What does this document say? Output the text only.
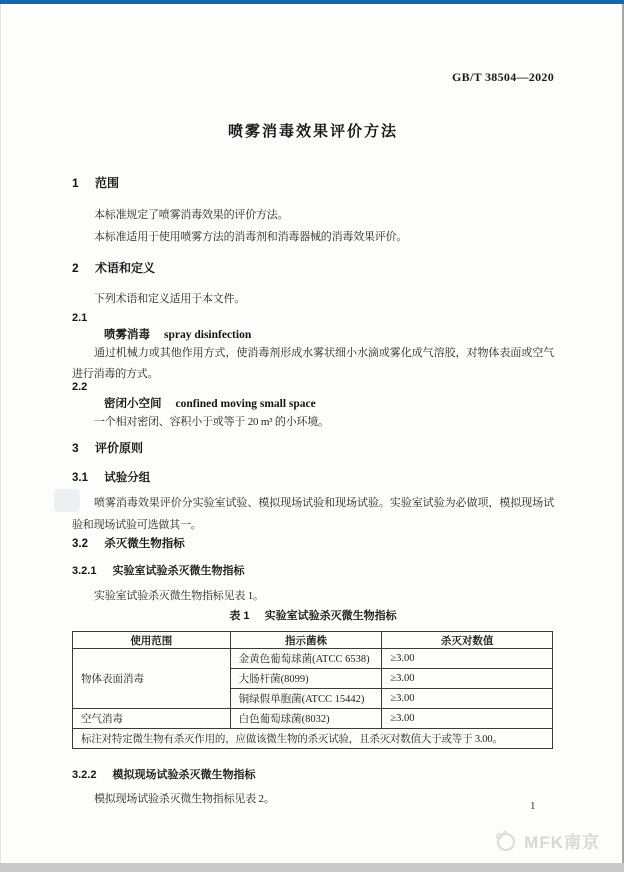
GB/T 38504—2020
喷雾消毒效果评价方法
1 范围
本标准规定了喷雾消毒效果的评价方法。
本标准适用于使用喷雾方法的消毒剂和消毒器械的消毒效果评价。
2 术语和定义
下列术语和定义适用于本文件。
2.1
喷雾消毒 spray disinfection
通过机械力或其他作用方式，使消毒剂形成水雾状细小水滴或雾化成气溶胶，对物体表面或空气进行消毒的方式。
2.2
密闭小空间 confined moving small space
一个相对密闭、容积小于或等于 20 m³ 的小环境。
3 评价原则
3.1 试验分组
喷雾消毒效果评价分实验室试验、模拟现场试验和现场试验。实验室试验为必做项，模拟现场试验和现场试验可选做其一。
3.2 杀灭微生物指标
3.2.1 实验室试验杀灭微生物指标
实验室试验杀灭微生物指标见表 1。
表 1 实验室试验杀灭微生物指标
使用范围	指示菌株	杀灭对数值
物体表面消毒	金黄色葡萄球菌(ATCC 6538)	≥3.00
	大肠杆菌(8099)	≥3.00
	铜绿假单胞菌(ATCC 15442)	≥3.00
空气消毒	白色葡萄球菌(8032)	≥3.00
标注对特定微生物有杀灭作用的，应做该微生物的杀灭试验，且杀灭对数值大于或等于 3.00。		
3.2.2 模拟现场试验杀灭微生物指标
模拟现场试验杀灭微生物指标见表 2。
1
MFK南京
